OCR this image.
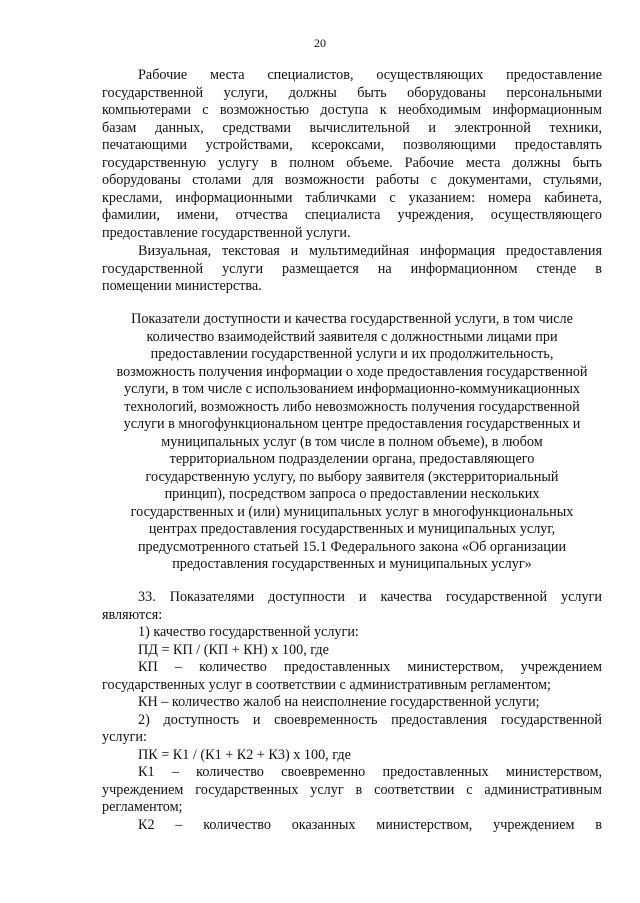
20
Рабочие места специалистов, осуществляющих предоставление
государственной услуги, должны быть оборудованы персональными
компьютерами с возможностью доступа к необходимым информационным
базам данных, средствами вычислительной и электронной техники,
печатающими устройствами, ксероксами, позволяющими предоставлять
государственную услугу в полном объеме. Рабочие места должны быть
оборудованы столами для возможности работы с документами, стульями,
креслами, информационными табличками с указанием: номера кабинета,
фамилии, имени, отчества специалиста учреждения, осуществляющего
предоставление государственной услуги.
Визуальная, текстовая и мультимедийная информация предоставления
государственной услуги размещается на информационном стенде в
помещении министерства.
Показатели доступности и качества государственной услуги, в том числе
количество взаимодействий заявителя с должностными лицами при
предоставлении государственной услуги и их продолжительность,
возможность получения информации о ходе предоставления государственной
услуги, в том числе с использованием информационно-коммуникационных
технологий, возможность либо невозможность получения государственной
услуги в многофункциональном центре предоставления государственных и
муниципальных услуг (в том числе в полном объеме), в любом
территориальном подразделении органа, предоставляющего
государственную услугу, по выбору заявителя (экстерриториальный
принцип), посредством запроса о предоставлении нескольких
государственных и (или) муниципальных услуг в многофункциональных
центрах предоставления государственных и муниципальных услуг,
предусмотренного статьей 15.1 Федерального закона «Об организации
предоставления государственных и муниципальных услуг»
33. Показателями доступности и качества государственной услуги
являются:
1) качество государственной услуги:
ПД = КП / (КП + КН) х 100, где
КП – количество предоставленных министерством, учреждением
государственных услуг в соответствии с административным регламентом;
КН – количество жалоб на неисполнение государственной услуги;
2) доступность и своевременность предоставления государственной
услуги:
ПК = К1 / (К1 + К2 + К3) х 100, где
К1 – количество своевременно предоставленных министерством,
учреждением государственных услуг в соответствии с административным
регламентом;
К2 – количество оказанных министерством, учреждением в
